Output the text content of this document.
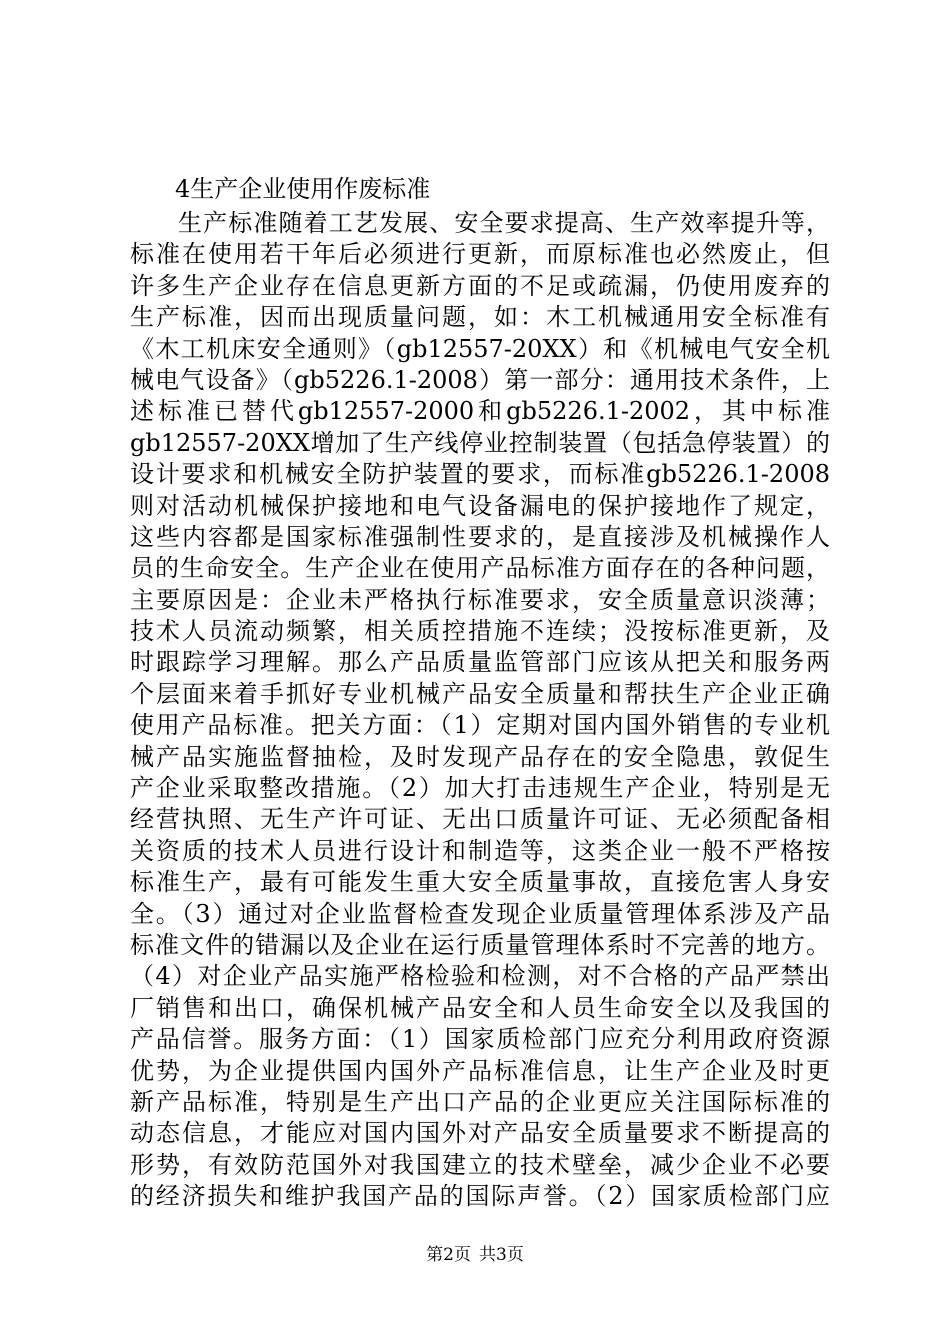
4生产企业使用作废标准
生产标准随着工艺发展、安全要求提高、生产效率提升等，
标准在使用若干年后必须进行更新，而原标准也必然废止，但
许多生产企业存在信息更新方面的不足或疏漏，仍使用废弃的
生产标准，因而出现质量问题，如：木工机械通用安全标准有
《木工机床安全通则》（gb12557-20XX）和《机械电气安全机
械电气设备》（gb5226.1-2008）第一部分：通用技术条件，上
述标准已替代gb12557-2000和gb5226.1-2002，其中标准
gb12557-20XX增加了生产线停业控制装置（包括急停装置）的
设计要求和机械安全防护装置的要求，而标准gb5226.1-2008
则对活动机械保护接地和电气设备漏电的保护接地作了规定，
这些内容都是国家标准强制性要求的，是直接涉及机械操作人
员的生命安全。生产企业在使用产品标准方面存在的各种问题，
主要原因是：企业未严格执行标准要求，安全质量意识淡薄；
技术人员流动频繁，相关质控措施不连续；没按标准更新，及
时跟踪学习理解。那么产品质量监管部门应该从把关和服务两
个层面来着手抓好专业机械产品安全质量和帮扶生产企业正确
使用产品标准。把关方面：（1）定期对国内国外销售的专业机
械产品实施监督抽检，及时发现产品存在的安全隐患，敦促生
产企业采取整改措施。（2）加大打击违规生产企业，特别是无
经营执照、无生产许可证、无出口质量许可证、无必须配备相
关资质的技术人员进行设计和制造等，这类企业一般不严格按
标准生产，最有可能发生重大安全质量事故，直接危害人身安
全。（3）通过对企业监督检查发现企业质量管理体系涉及产品
标准文件的错漏以及企业在运行质量管理体系时不完善的地方。
（4）对企业产品实施严格检验和检测，对不合格的产品严禁出
厂销售和出口，确保机械产品安全和人员生命安全以及我国的
产品信誉。服务方面：（1）国家质检部门应充分利用政府资源
优势，为企业提供国内国外产品标准信息，让生产企业及时更
新产品标准，特别是生产出口产品的企业更应关注国际标准的
动态信息，才能应对国内国外对产品安全质量要求不断提高的
形势，有效防范国外对我国建立的技术壁垒，减少企业不必要
的经济损失和维护我国产品的国际声誉。（2）国家质检部门应
第2页 共3页
